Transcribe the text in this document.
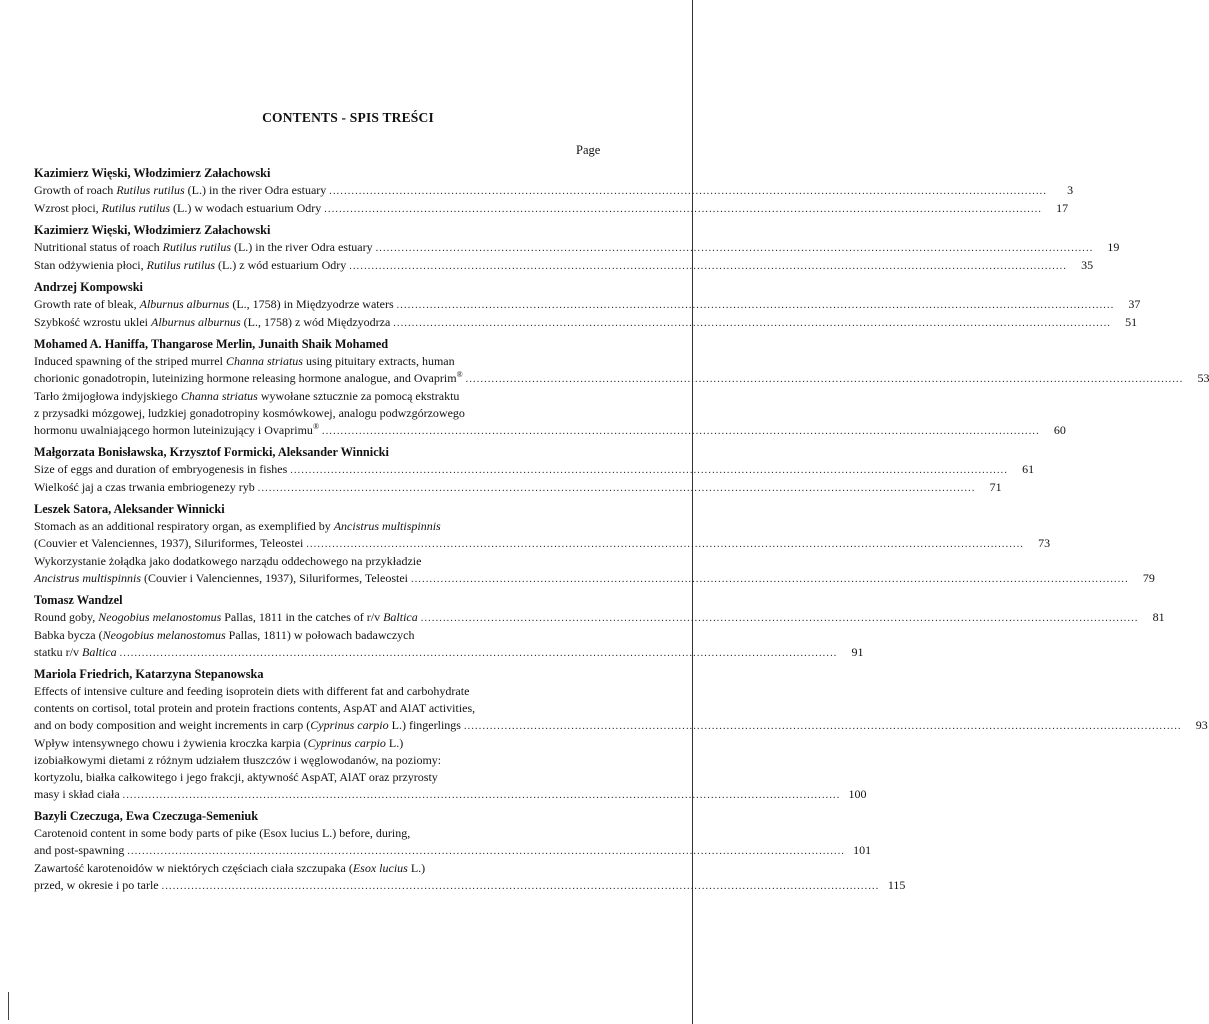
CONTENTS - SPIS TREŚCI
Page
Kazimierz Więski, Włodzimierz Załachowski
Growth of roach Rutilus rutilus (L.) in the river Odra estuary ..................................................................................................................................................................................................	3
Wzrost płoci, Rutilus rutilus (L.) w wodach estuarium Odry ..................................................................................................................................................................................................	17
Kazimierz Więski, Włodzimierz Załachowski
Nutritional status of roach Rutilus rutilus (L.) in the river Odra estuary ..................................................................................................................................................................................................	19
Stan odżywienia płoci, Rutilus rutilus (L.) z wód estuarium Odry ..................................................................................................................................................................................................	35
Andrzej Kompowski
Growth rate of bleak, Alburnus alburnus (L., 1758) in Międzyodrze waters ..................................................................................................................................................................................................	37
Szybkość wzrostu uklei Alburnus alburnus (L., 1758) z wód Międzyodrza ..................................................................................................................................................................................................	51
Mohamed A. Haniffa, Thangarose Merlin, Junaith Shaik Mohamed
Induced spawning of the striped murrel Channa striatus using pituitary extracts, human
chorionic gonadotropin, luteinizing hormone releasing hormone analogue, and Ovaprim® ..................................................................................................................................................................................................	53
Tarło żmijogłowa indyjskiego Channa striatus wywołane sztucznie za pomocą ekstraktu
z przysadki mózgowej, ludzkiej gonadotropiny kosmówkowej, analogu podwzgórzowego
hormonu uwalniającego hormon luteinizujący i Ovaprimu® ..................................................................................................................................................................................................	60
Małgorzata Bonisławska, Krzysztof Formicki, Aleksander Winnicki
Size of eggs and duration of embryogenesis in fishes ..................................................................................................................................................................................................	61
Wielkość jaj a czas trwania embriogenezy ryb ..................................................................................................................................................................................................	71
Leszek Satora, Aleksander Winnicki
Stomach as an additional respiratory organ, as exemplified by Ancistrus multispinnis
(Couvier et Valenciennes, 1937), Siluriformes, Teleostei ..................................................................................................................................................................................................	73
Wykorzystanie żołądka jako dodatkowego narządu oddechowego na przykładzie
Ancistrus multispinnis (Couvier i Valenciennes, 1937), Siluriformes, Teleostei ..................................................................................................................................................................................................	79
Tomasz Wandzel
Round goby, Neogobius melanostomus Pallas, 1811 in the catches of r/v Baltica ..................................................................................................................................................................................................	81
Babka bycza (Neogobius melanostomus Pallas, 1811) w połowach badawczych
statku r/v Baltica ..................................................................................................................................................................................................	91
Mariola Friedrich, Katarzyna Stepanowska
Effects of intensive culture and feeding isoprotein diets with different fat and carbohydrate
contents on cortisol, total protein and protein fractions contents, AspAT and AlAT activities,
and on body composition and weight increments in carp (Cyprinus carpio L.) fingerlings ..................................................................................................................................................................................................	93
Wpływ intensywnego chowu i żywienia kroczka karpia (Cyprinus carpio L.)
izobiałkowymi dietami z różnym udziałem tłuszczów i węglowodanów, na poziomy:
kortyzolu, białka całkowitego i jego frakcji, aktywność AspAT, AlAT oraz przyrosty
masy i skład ciała .................................................................................................................................................................................................. 100
Bazyli Czeczuga, Ewa Czeczuga-Semeniuk
Carotenoid content in some body parts of pike (Esox lucius L.) before, during,
and post-spawning .................................................................................................................................................................................................. 101
Zawartość karotenoidów w niektórych częściach ciała szczupaka (Esox lucius L.)
przed, w okresie i po tarle .................................................................................................................................................................................................. 115
